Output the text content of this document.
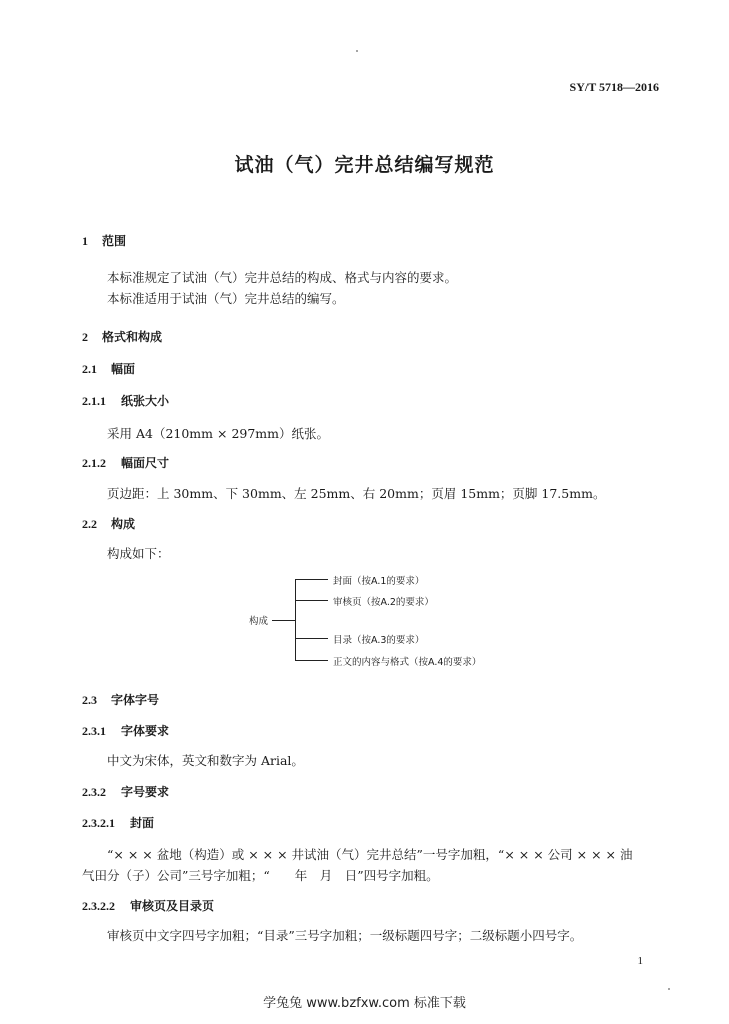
SY/T 5718—2016
试油（气）完井总结编写规范
1 范围
本标准规定了试油（气）完井总结的构成、格式与内容的要求。
本标准适用于试油（气）完井总结的编写。
2 格式和构成
2.1 幅面
2.1.1 纸张大小
采用 A4（210mm × 297mm）纸张。
2.1.2 幅面尺寸
页边距：上 30mm、下 30mm、左 25mm、右 20mm；页眉 15mm；页脚 17.5mm。
2.2 构成
构成如下：
构成
封面（按A.1的要求）
审核页（按A.2的要求）
目录（按A.3的要求）
正文的内容与格式（按A.4的要求）
2.3 字体字号
2.3.1 字体要求
中文为宋体，英文和数字为 Arial。
2.3.2 字号要求
2.3.2.1 封面
“× × × 盆地（构造）或 × × × 井试油（气）完井总结”一号字加粗，“× × × 公司 × × × 油
气田分（子）公司”三号字加粗；“　　年　月　日”四号字加粗。
2.3.2.2 审核页及目录页
审核页中文字四号字加粗；“目录”三号字加粗；一级标题四号字；二级标题小四号字。
1
学兔兔 www.bzfxw.com 标准下载
